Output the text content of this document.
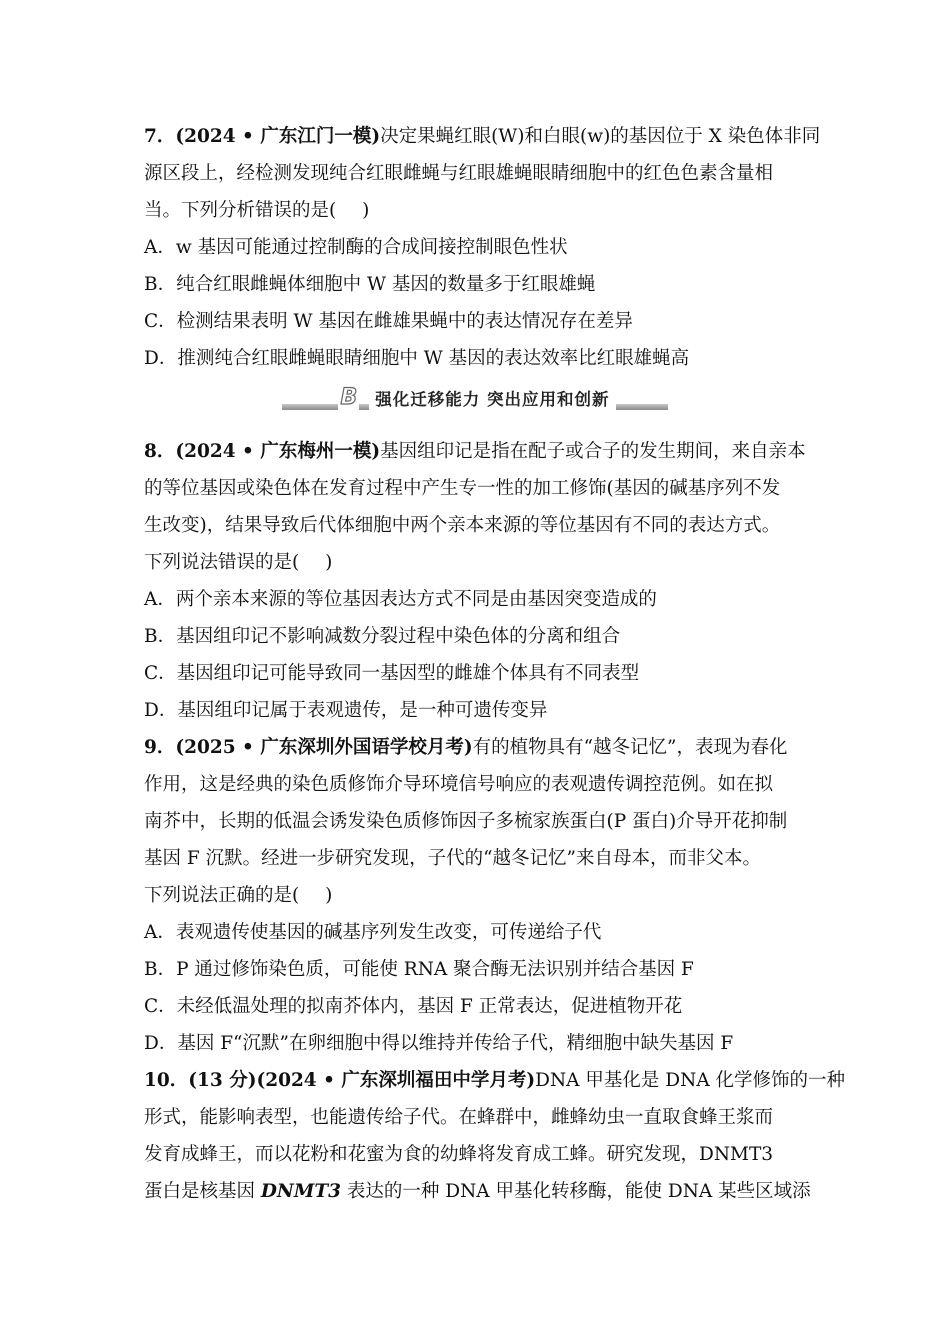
7．(2024 • 广东江门一模)决定果蝇红眼(W)和白眼(w)的基因位于 X 染色体非同
源区段上，经检测发现纯合红眼雌蝇与红眼雄蝇眼睛细胞中的红色色素含量相
当。下列分析错误的是( )
A．w 基因可能通过控制酶的合成间接控制眼色性状
B．纯合红眼雌蝇体细胞中 W 基因的数量多于红眼雄蝇
C．检测结果表明 W 基因在雌雄果蝇中的表达情况存在差异
D．推测纯合红眼雌蝇眼睛细胞中 W 基因的表达效率比红眼雄蝇高
B 强化迁移能力 突出应用和创新
8．(2024 • 广东梅州一模)基因组印记是指在配子或合子的发生期间，来自亲本
的等位基因或染色体在发育过程中产生专一性的加工修饰(基因的碱基序列不发
生改变)，结果导致后代体细胞中两个亲本来源的等位基因有不同的表达方式。
下列说法错误的是( )
A．两个亲本来源的等位基因表达方式不同是由基因突变造成的
B．基因组印记不影响减数分裂过程中染色体的分离和组合
C．基因组印记可能导致同一基因型的雌雄个体具有不同表型
D．基因组印记属于表观遗传，是一种可遗传变异
9．(2025 • 广东深圳外国语学校月考)有的植物具有“越冬记忆”，表现为春化
作用，这是经典的染色质修饰介导环境信号响应的表观遗传调控范例。如在拟
南芥中，长期的低温会诱发染色质修饰因子多梳家族蛋白(P 蛋白)介导开花抑制
基因 F 沉默。经进一步研究发现，子代的“越冬记忆”来自母本，而非父本。
下列说法正确的是( )
A．表观遗传使基因的碱基序列发生改变，可传递给子代
B．P 通过修饰染色质，可能使 RNA 聚合酶无法识别并结合基因 F
C．未经低温处理的拟南芥体内，基因 F 正常表达，促进植物开花
D．基因 F“沉默”在卵细胞中得以维持并传给子代，精细胞中缺失基因 F
10．(13 分)(2024 • 广东深圳福田中学月考)DNA 甲基化是 DNA 化学修饰的一种
形式，能影响表型，也能遗传给子代。在蜂群中，雌蜂幼虫一直取食蜂王浆而
发育成蜂王，而以花粉和花蜜为食的幼蜂将发育成工蜂。研究发现，DNMT3
蛋白是核基因 DNMT3 表达的一种 DNA 甲基化转移酶，能使 DNA 某些区域添
